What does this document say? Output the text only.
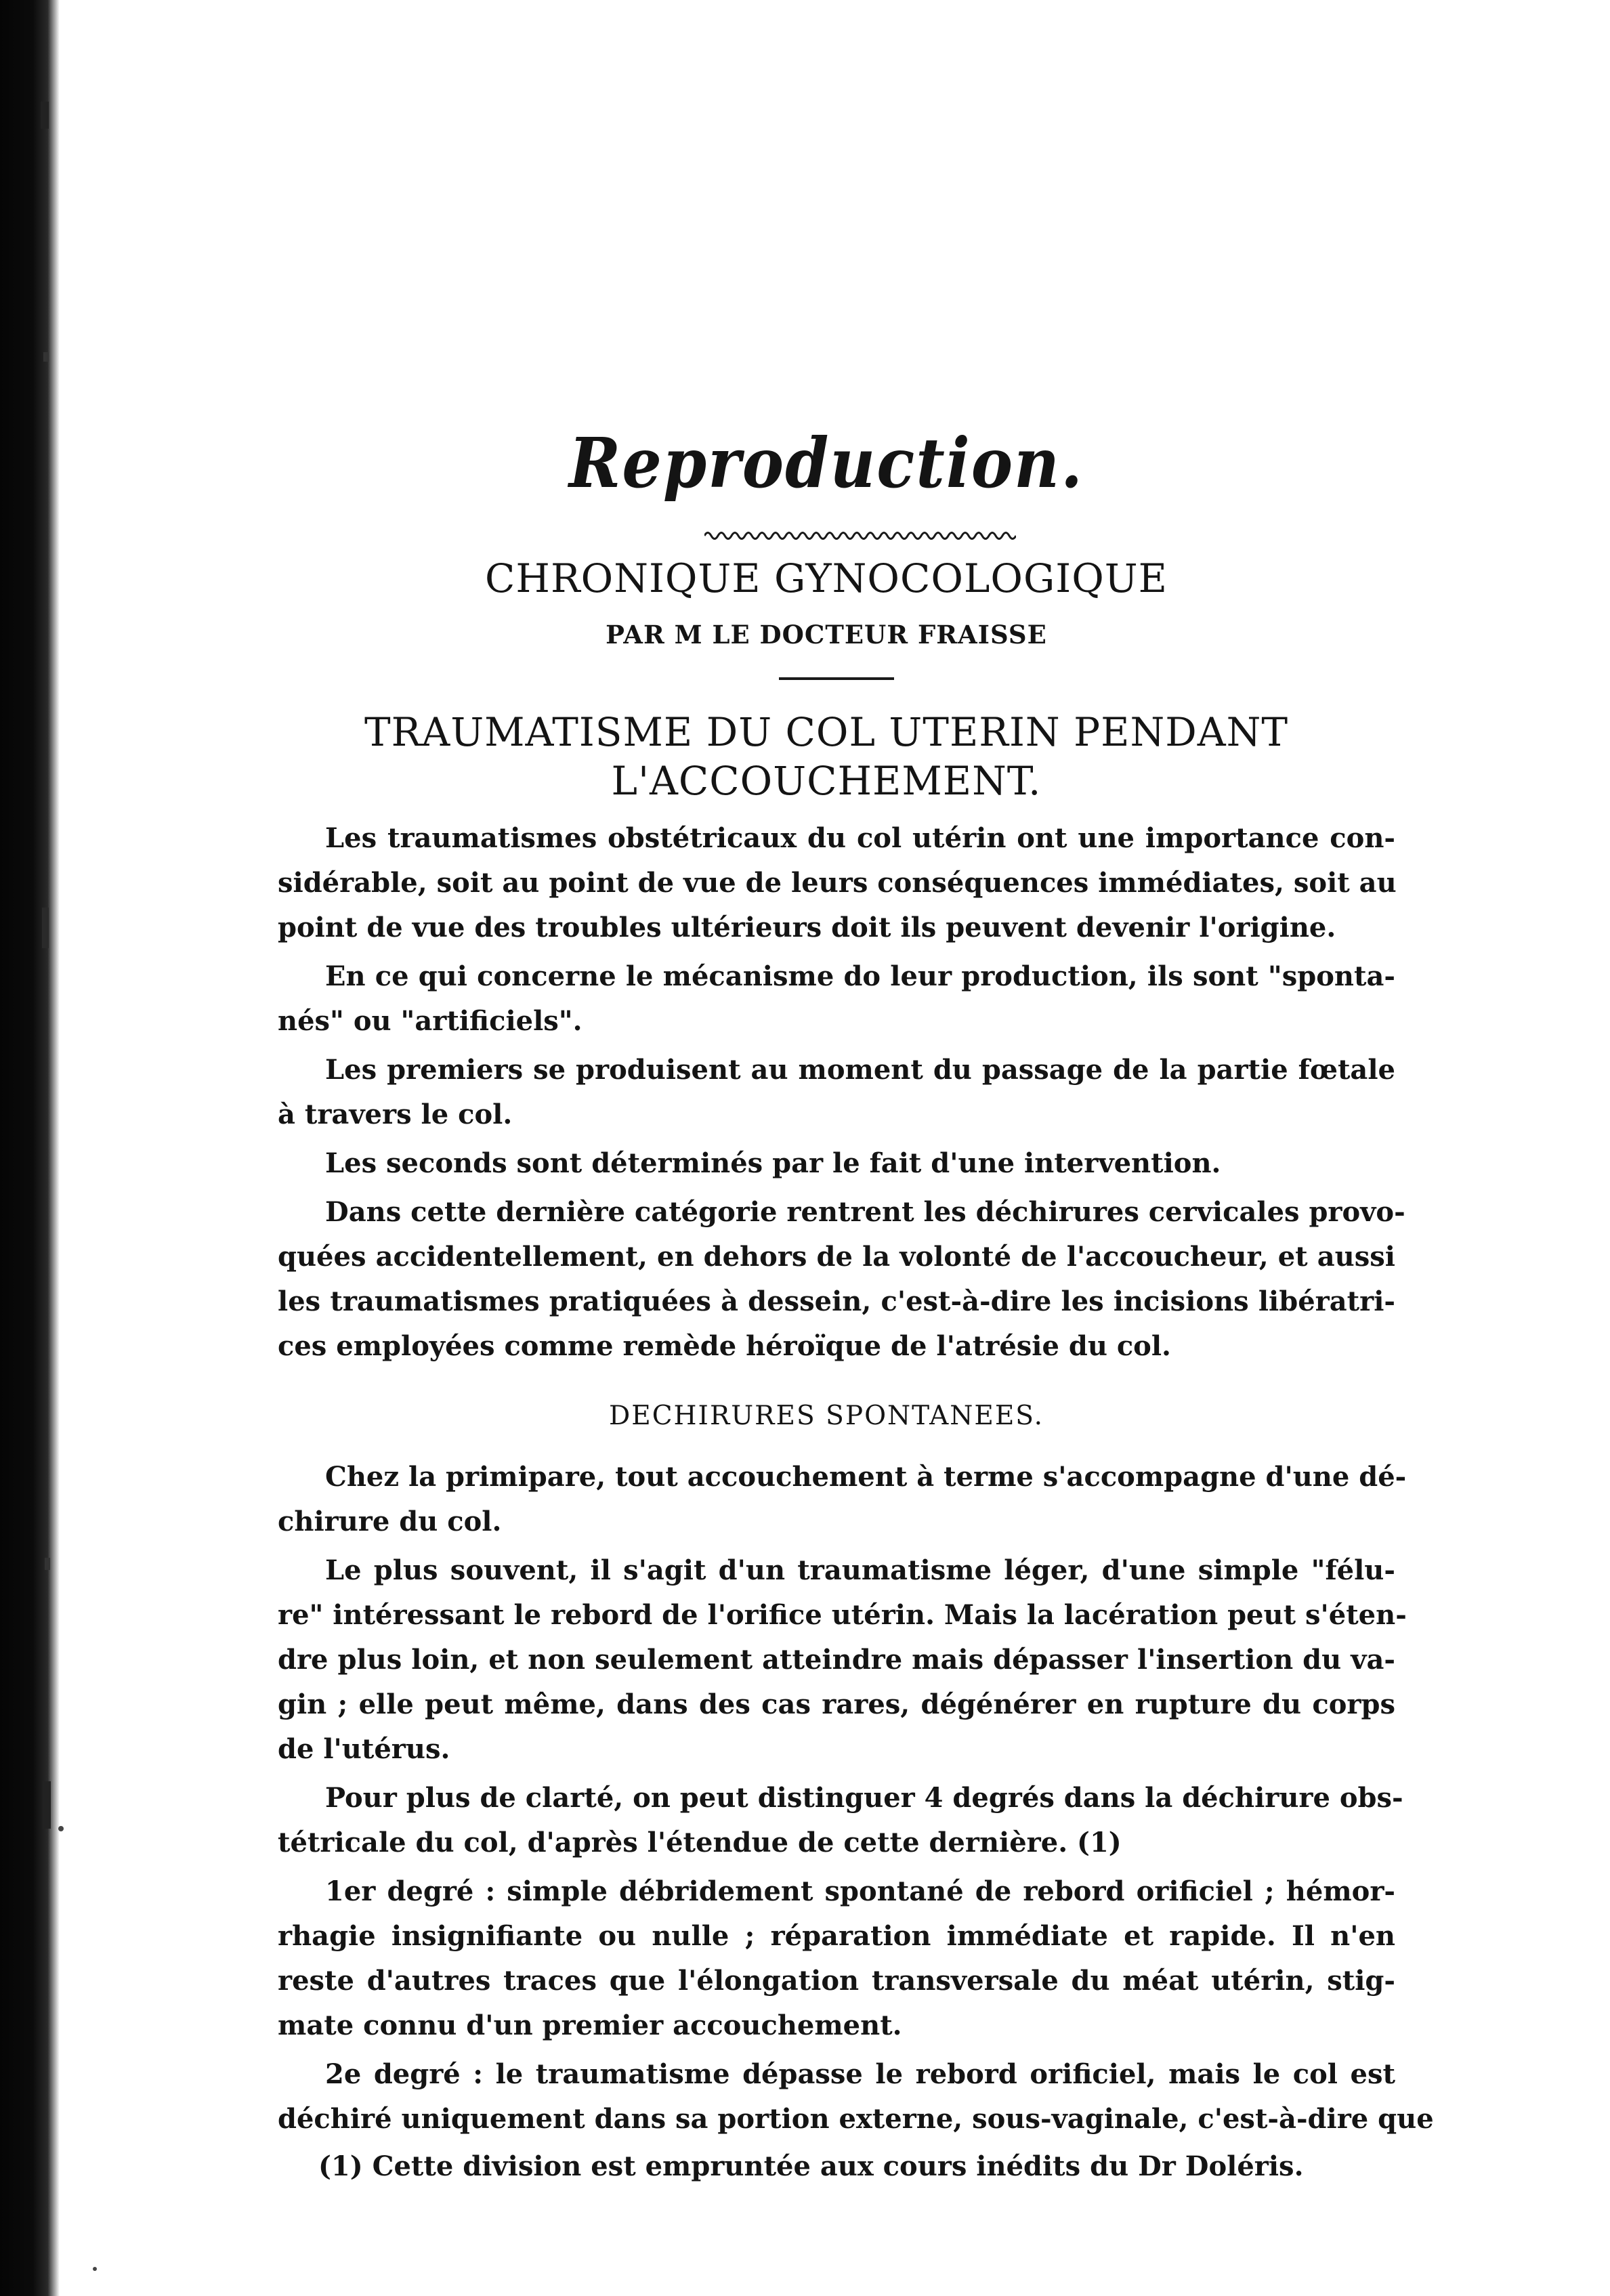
Reproduction.
CHRONIQUE GYNOCOLOGIQUE
PAR M LE DOCTEUR FRAISSE
TRAUMATISME DU COL UTERIN PENDANT
L'ACCOUCHEMENT.
Les traumatismes obstétricaux du col utérin ont une importance con-
sidérable, soit au point de vue de leurs conséquences immédiates, soit au
point de vue des troubles ultérieurs doit ils peuvent devenir l'origine.
En ce qui concerne le mécanisme do leur production, ils sont "sponta-
nés" ou "artificiels".
Les premiers se produisent au moment du passage de la partie fœtale
à travers le col.
Les seconds sont déterminés par le fait d'une intervention.
Dans cette dernière catégorie rentrent les déchirures cervicales provo-
quées accidentellement, en dehors de la volonté de l'accoucheur, et aussi
les traumatismes pratiquées à dessein, c'est-à-dire les incisions libératri-
ces employées comme remède héroïque de l'atrésie du col.
DECHIRURES SPONTANEES.
Chez la primipare, tout accouchement à terme s'accompagne d'une dé-
chirure du col.
Le plus souvent, il s'agit d'un traumatisme léger, d'une simple "félu-
re" intéressant le rebord de l'orifice utérin. Mais la lacération peut s'éten-
dre plus loin, et non seulement atteindre mais dépasser l'insertion du va-
gin ; elle peut même, dans des cas rares, dégénérer en rupture du corps
de l'utérus.
Pour plus de clarté, on peut distinguer 4 degrés dans la déchirure obs-
tétricale du col, d'après l'étendue de cette dernière. (1)
1er degré : simple débridement spontané de rebord orificiel ; hémor-
rhagie insignifiante ou nulle ; réparation immédiate et rapide. Il n'en
reste d'autres traces que l'élongation transversale du méat utérin, stig-
mate connu d'un premier accouchement.
2e degré : le traumatisme dépasse le rebord orificiel, mais le col est
déchiré uniquement dans sa portion externe, sous-vaginale, c'est-à-dire que
(1) Cette division est empruntée aux cours inédits du Dr Doléris.
